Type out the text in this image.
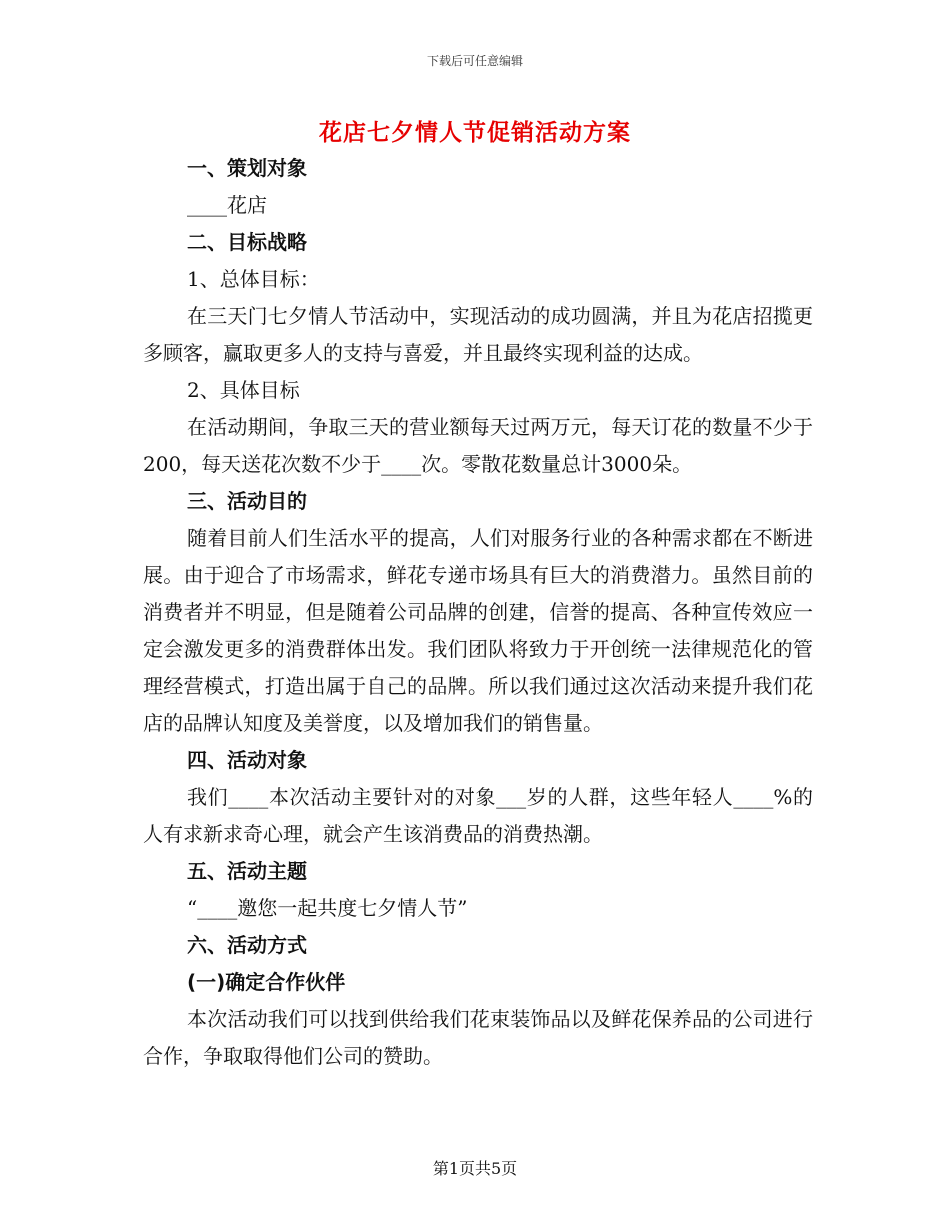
下载后可任意编辑
花店七夕情人节促销活动方案
一、策划对象
____花店
二、目标战略
1、总体目标：
在三天门七夕情人节活动中，实现活动的成功圆满，并且为花店招揽更多顾客，赢取更多人的支持与喜爱，并且最终实现利益的达成。
2、具体目标
在活动期间，争取三天的营业额每天过两万元，每天订花的数量不少于200，每天送花次数不少于____次。零散花数量总计3000朵。
三、活动目的
随着目前人们生活水平的提高，人们对服务行业的各种需求都在不断进展。由于迎合了市场需求，鲜花专递市场具有巨大的消费潜力。虽然目前的消费者并不明显，但是随着公司品牌的创建，信誉的提高、各种宣传效应一定会激发更多的消费群体出发。我们团队将致力于开创统一法律规范化的管理经营模式，打造出属于自己的品牌。所以我们通过这次活动来提升我们花店的品牌认知度及美誉度，以及增加我们的销售量。
四、活动对象
我们____本次活动主要针对的对象___岁的人群，这些年轻人____%的人有求新求奇心理，就会产生该消费品的消费热潮。
五、活动主题
“____邀您一起共度七夕情人节”
六、活动方式
(一)确定合作伙伴
本次活动我们可以找到供给我们花束装饰品以及鲜花保养品的公司进行合作，争取取得他们公司的赞助。
第1页共5页
